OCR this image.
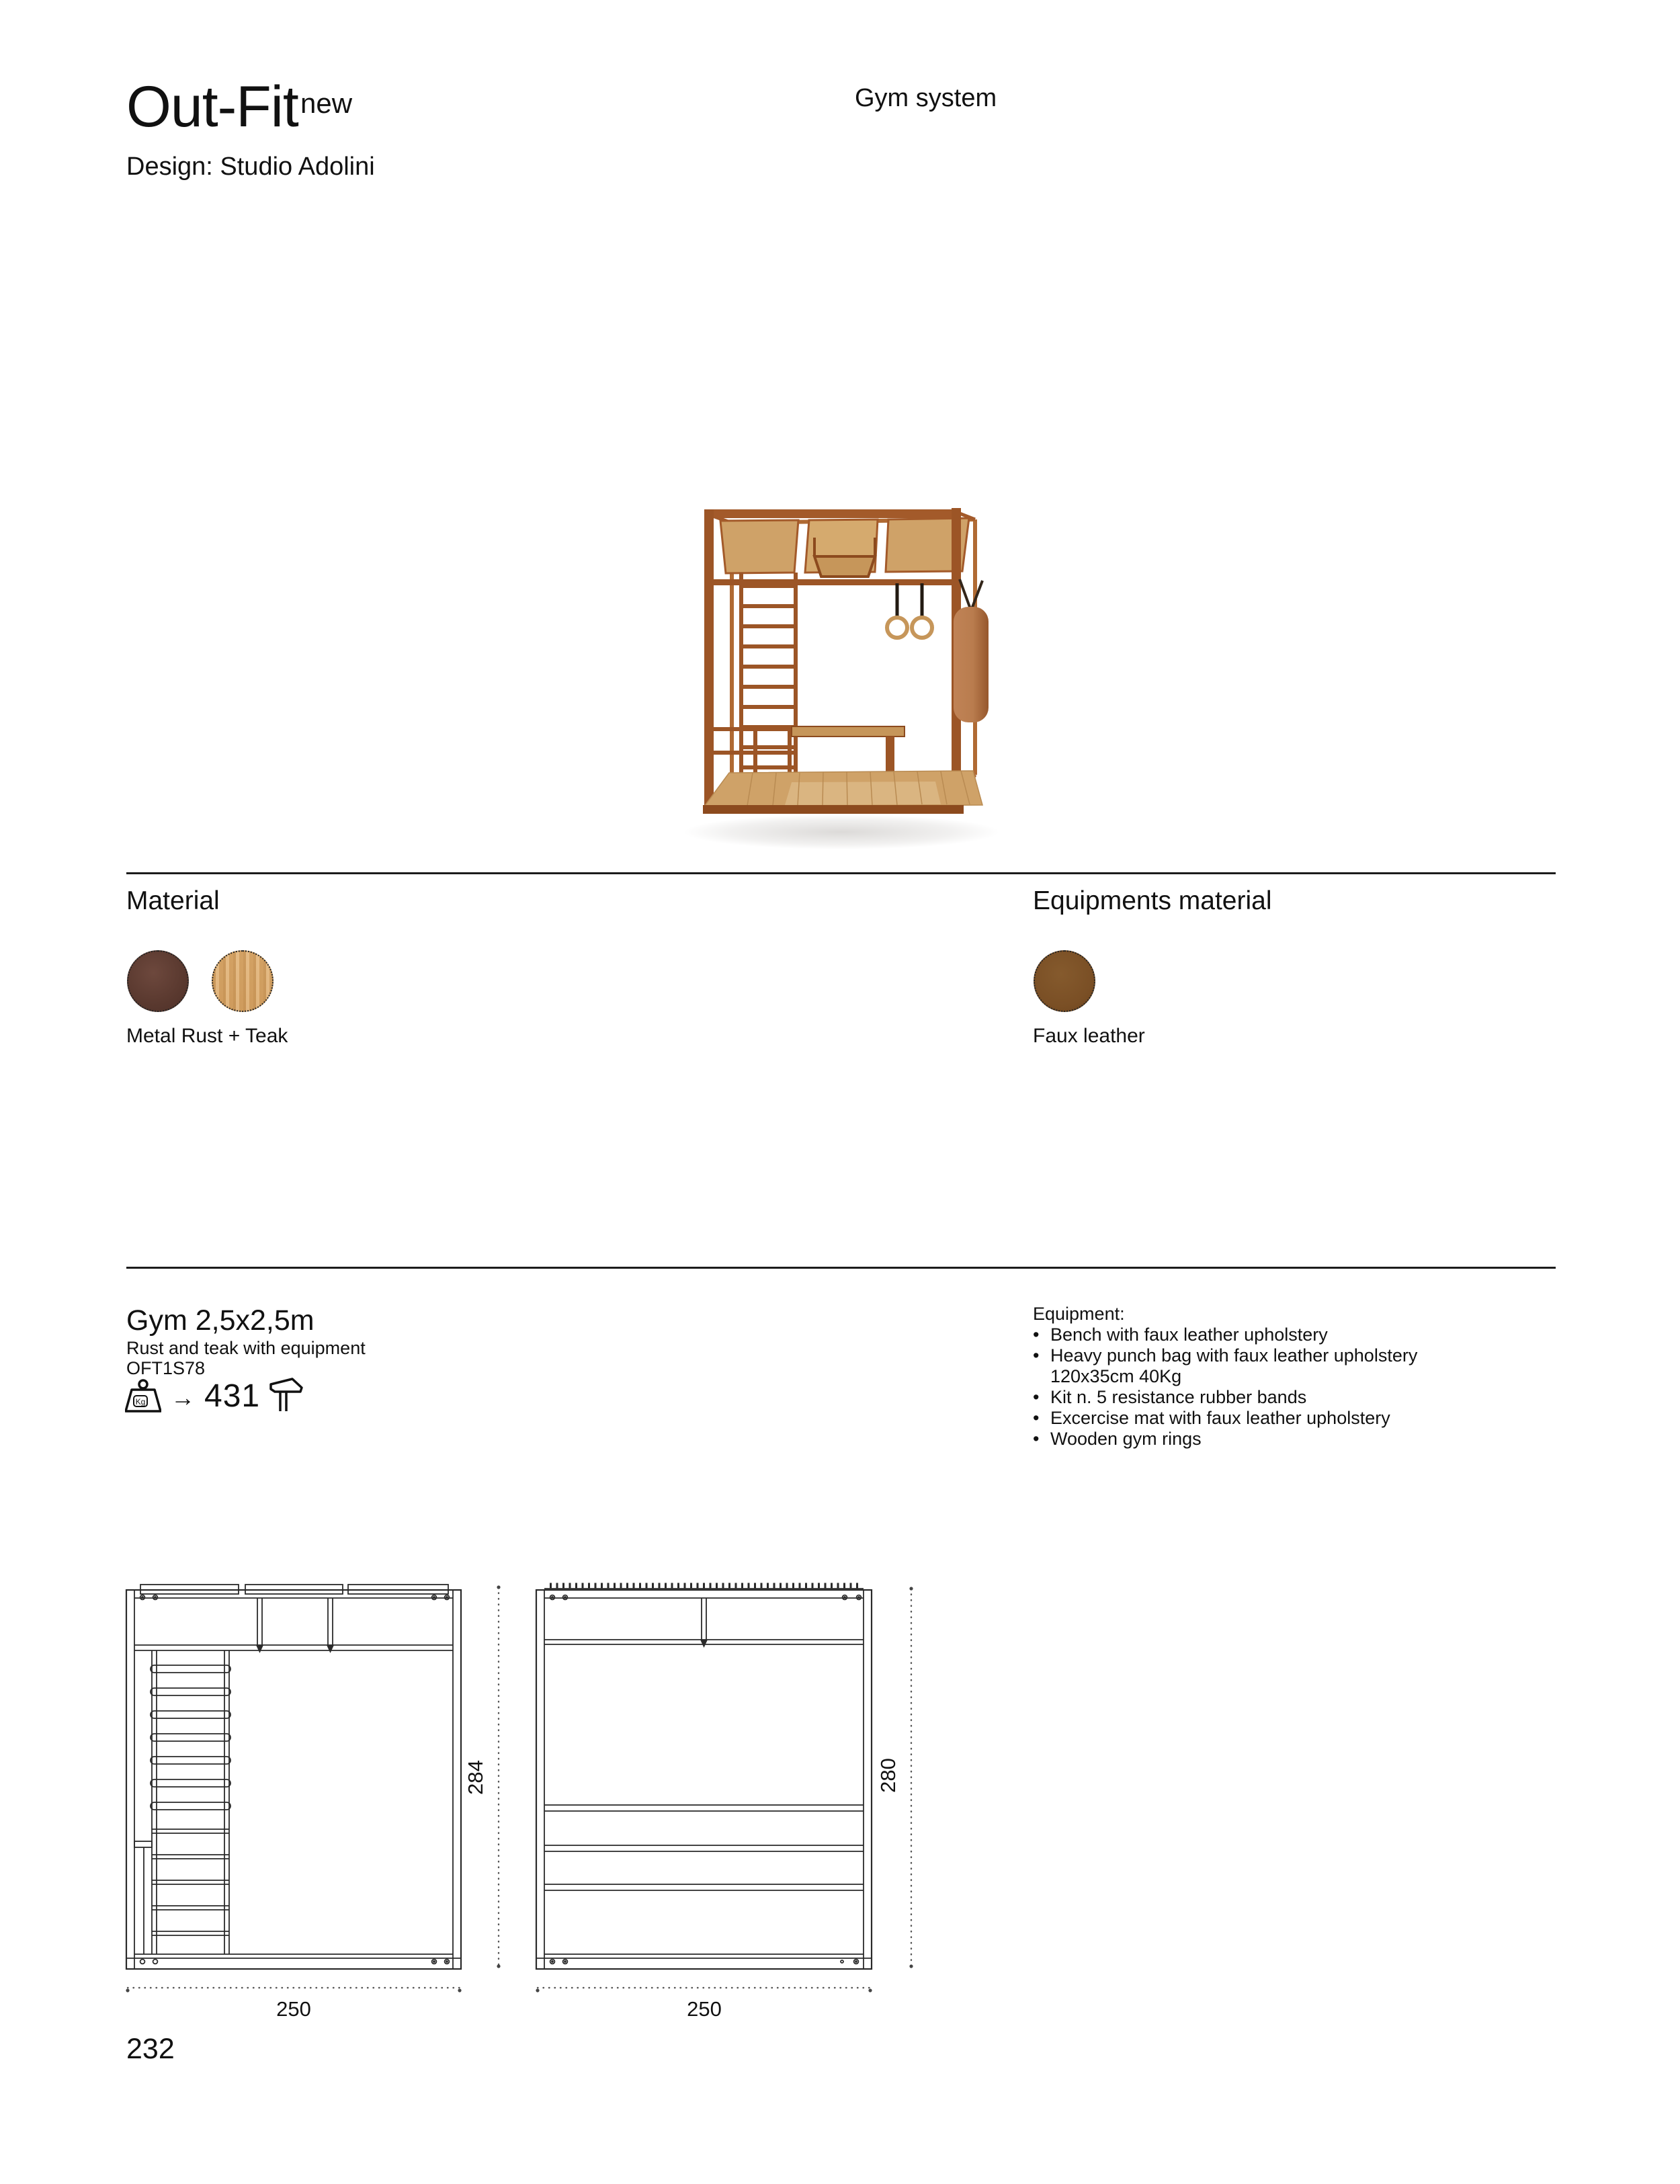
Out-Fit new	Gym system
Design: Studio Adolini
Material	Equipments material
Metal Rust + Teak	Faux leather
Gym 2,5x2,5m
Rust and teak with equipment
OFT1S78
Kg → 431
Equipment:
• Bench with faux leather upholstery
• Heavy punch bag with faux leather upholstery
120x35cm 40Kg
• Kit n. 5 resistance rubber bands
• Excercise mat with faux leather upholstery
• Wooden gym rings
284	280
250	250
232
